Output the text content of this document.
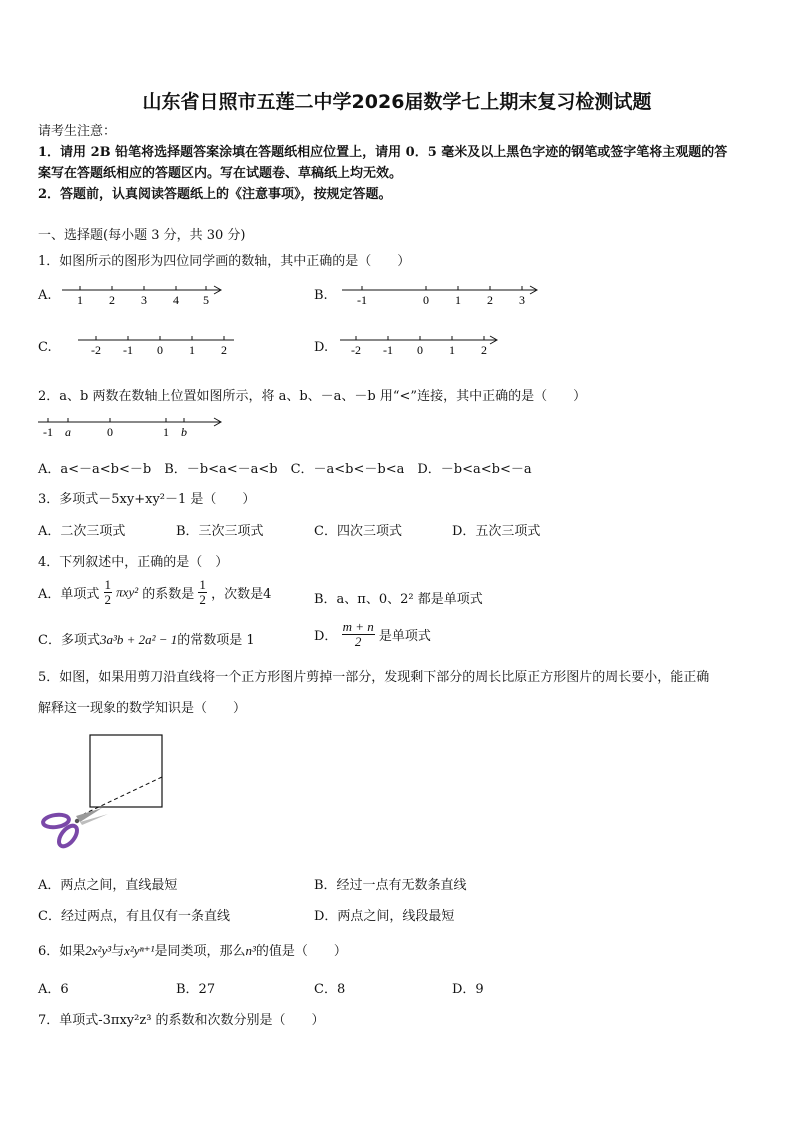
山东省日照市五莲二中学2026届数学七上期末复习检测试题
请考生注意：
1．请用 2B 铅笔将选择题答案涂填在答题纸相应位置上，请用 0．5 毫米及以上黑色字迹的钢笔或签字笔将主观题的答
案写在答题纸相应的答题区内。写在试题卷、草稿纸上均无效。
2．答题前，认真阅读答题纸上的《注意事项》，按规定答题。
一、选择题(每小题 3 分，共 30 分)
1．如图所示的图形为四位同学画的数轴，其中正确的是（　　）
A. 1 2 3 4 5	B. -1	0 1 2 3
C.	-2 -1 0 1 2	D. -2 -1 0 1 2
2．a、b 两数在数轴上位置如图所示，将 a、b、－a、－b 用“<”连接，其中正确的是（　　）
-1 a	0	1 b
A．a<－a<b<－b　B．－b<a<－a<b　C．－a<b<－b<a　D．－b<a<b<－a
3．多项式－5xy+xy²－1 是（　　）
A．二次三项式	B．三次三项式	C．四次三项式	D．五次三项式
4．下列叙述中，正确的是（　）
A．单项式 $\frac{1}{2} \pi xy^2$ 的系数是 $\frac{1}{2}$ ，次数是4	B．a、π、0、2² 都是单项式
C．多项式3a³b + 2a² − 1的常数项是 1	D． $\frac{m + n}{2}$ 是单项式
5．如图，如果用剪刀沿直线将一个正方形图片剪掉一部分，发现剩下部分的周长比原正方形图片的周长要小，能正确
解释这一现象的数学知识是（　　）
A．两点之间，直线最短	B．经过一点有无数条直线
C．经过两点，有且仅有一条直线	D．两点之间，线段最短
6．如果2x²y³与x²yⁿ⁺¹是同类项，那么n³的值是（　　）
A．6	B．27	C．8	D．9
7．单项式-3πxy²z³ 的系数和次数分别是（　　）
